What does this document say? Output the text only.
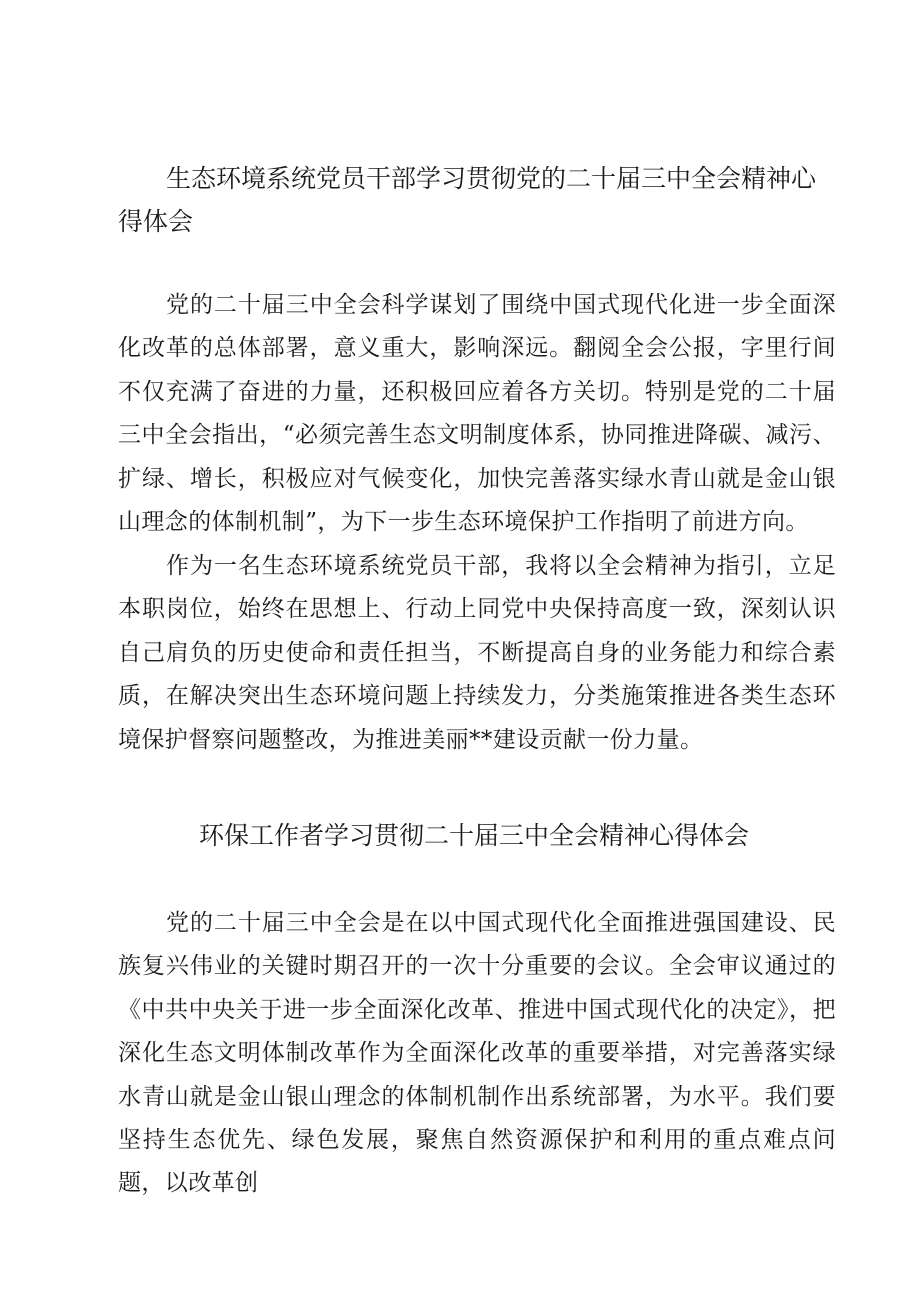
生态环境系统党员干部学习贯彻党的二十届三中全会精神心得体会

党的二十届三中全会科学谋划了围绕中国式现代化进一步全面深化改革的总体部署，意义重大，影响深远。翻阅全会公报，字里行间不仅充满了奋进的力量，还积极回应着各方关切。特别是党的二十届三中全会指出，“必须完善生态文明制度体系，协同推进降碳、减污、扩绿、增长，积极应对气候变化，加快完善落实绿水青山就是金山银山理念的体制机制”，为下一步生态环境保护工作指明了前进方向。

作为一名生态环境系统党员干部，我将以全会精神为指引，立足本职岗位，始终在思想上、行动上同党中央保持高度一致，深刻认识自己肩负的历史使命和责任担当，不断提高自身的业务能力和综合素质，在解决突出生态环境问题上持续发力，分类施策推进各类生态环境保护督察问题整改，为推进美丽**建设贡献一份力量。

环保工作者学习贯彻二十届三中全会精神心得体会

党的二十届三中全会是在以中国式现代化全面推进强国建设、民族复兴伟业的关键时期召开的一次十分重要的会议。全会审议通过的《中共中央关于进一步全面深化改革、推进中国式现代化的决定》，把深化生态文明体制改革作为全面深化改革的重要举措，对完善落实绿水青山就是金山银山理念的体制机制作出系统部署，为水平。我们要坚持生态优先、绿色发展，聚焦自然资源保护和利用的重点难点问题，以改革创
